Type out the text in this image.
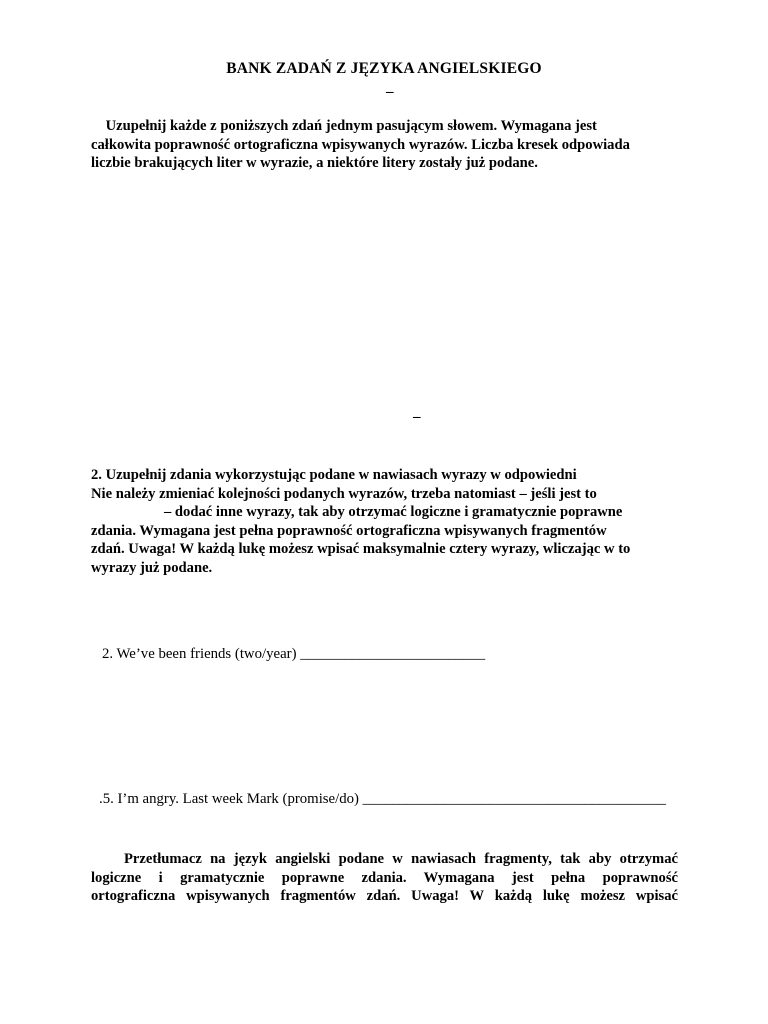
BANK ZADAŃ Z JĘZYKA ANGIELSKIEGO
–
Uzupełnij każde z poniższych zdań jednym pasującym słowem. Wymagana jest
całkowita poprawność ortograficzna wpisywanych wyrazów. Liczba kresek odpowiada
liczbie brakujących liter w wyrazie, a niektóre litery zostały już podane.
–
2. Uzupełnij zdania wykorzystując podane w nawiasach wyrazy w odpowiedni
Nie należy zmieniać kolejności podanych wyrazów, trzeba natomiast – jeśli jest to
– dodać inne wyrazy, tak aby otrzymać logiczne i gramatycznie poprawne
zdania. Wymagana jest pełna poprawność ortograficzna wpisywanych fragmentów
zdań. Uwaga! W każdą lukę możesz wpisać maksymalnie cztery wyrazy, wliczając w to
wyrazy już podane.
2. We’ve been friends (two/year) _________________________
.5. I’m angry. Last week Mark (promise/do) _________________________________________
Przetłumacz na język angielski podane w nawiasach fragmenty, tak aby otrzymać
logiczne i gramatycznie poprawne zdania. Wymagana jest pełna poprawność
ortograficzna wpisywanych fragmentów zdań. Uwaga! W każdą lukę możesz wpisać
